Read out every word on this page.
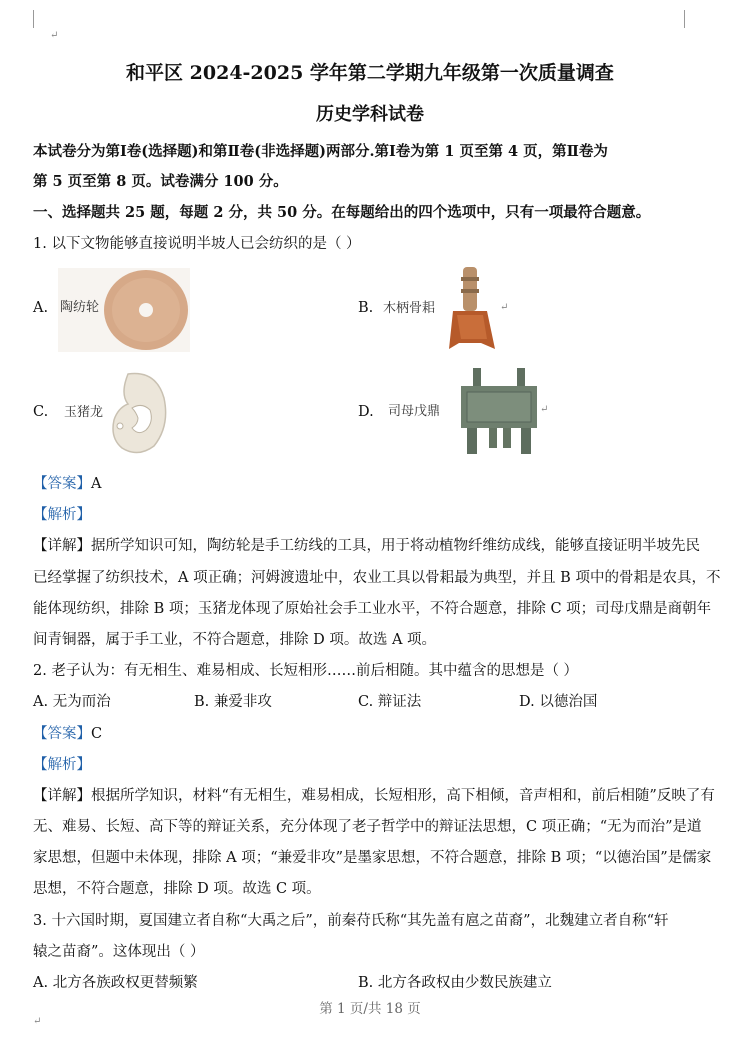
↵
和平区 2024-2025 学年第二学期九年级第一次质量调查
历史学科试卷
本试卷分为第Ⅰ卷(选择题)和第Ⅱ卷(非选择题)两部分.第Ⅰ卷为第 1 页至第 4 页，第Ⅱ卷为
第 5 页至第 8 页。试卷满分 100 分。
一、选择题共 25 题，每题 2 分，共 50 分。在每题给出的四个选项中，只有一项最符合题意。
1. 以下文物能够直接说明半坡人已会纺织的是（ ）
A. 陶纺轮	B. 木柄骨耜	↵
C. 玉猪龙	D. 司母戊鼎	↵
【答案】A
【解析】
【详解】据所学知识可知，陶纺轮是手工纺线的工具，用于将动植物纤维纺成线，能够直接证明半坡先民
已经掌握了纺织技术，A 项正确；河姆渡遗址中，农业工具以骨耜最为典型，并且 B 项中的骨耜是农具，不
能体现纺织，排除 B 项；玉猪龙体现了原始社会手工业水平，不符合题意，排除 C 项；司母戊鼎是商朝年
间青铜器，属于手工业，不符合题意，排除 D 项。故选 A 项。
2. 老子认为：有无相生、难易相成、长短相形……前后相随。其中蕴含的思想是（ ）
A. 无为而治	B. 兼爱非攻	C. 辩证法	D. 以德治国
【答案】C
【解析】
【详解】根据所学知识，材料“有无相生，难易相成，长短相形，高下相倾，音声相和，前后相随”反映了有
无、难易、长短、高下等的辩证关系，充分体现了老子哲学中的辩证法思想，C 项正确；“无为而治”是道
家思想，但题中未体现，排除 A 项；“兼爱非攻”是墨家思想，不符合题意，排除 B 项；“以德治国”是儒家
思想，不符合题意，排除 D 项。故选 C 项。
3. 十六国时期，夏国建立者自称“大禹之后”，前秦苻氏称“其先盖有扈之苗裔”，北魏建立者自称“轩
辕之苗裔”。这体现出（ ）
A. 北方各族政权更替频繁	B. 北方各政权由少数民族建立
第 1 页/共 18 页
↵
